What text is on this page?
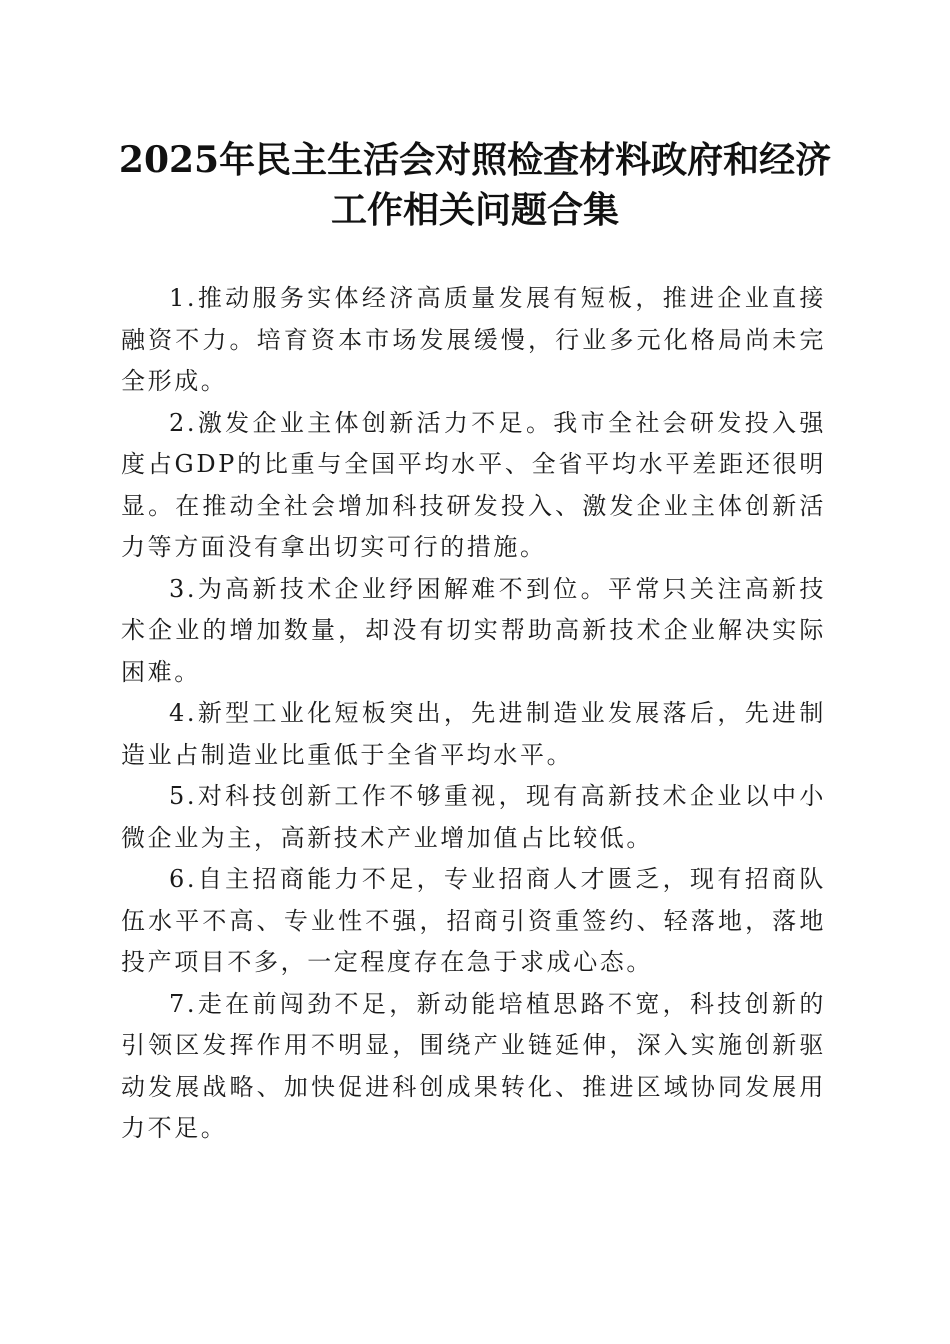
2025年民主生活会对照检查材料政府和经济
工作相关问题合集

1.推动服务实体经济高质量发展有短板，推进企业直接融资不力。培育资本市场发展缓慢，行业多元化格局尚未完全形成。

2.激发企业主体创新活力不足。我市全社会研发投入强度占GDP的比重与全国平均水平、全省平均水平差距还很明显。在推动全社会增加科技研发投入、激发企业主体创新活力等方面没有拿出切实可行的措施。

3.为高新技术企业纾困解难不到位。平常只关注高新技术企业的增加数量，却没有切实帮助高新技术企业解决实际困难。

4.新型工业化短板突出，先进制造业发展落后，先进制造业占制造业比重低于全省平均水平。

5.对科技创新工作不够重视，现有高新技术企业以中小微企业为主，高新技术产业增加值占比较低。

6.自主招商能力不足，专业招商人才匮乏，现有招商队伍水平不高、专业性不强，招商引资重签约、轻落地，落地投产项目不多，一定程度存在急于求成心态。

7.走在前闯劲不足，新动能培植思路不宽，科技创新的引领区发挥作用不明显，围绕产业链延伸，深入实施创新驱动发展战略、加快促进科创成果转化、推进区域协同发展用力不足。
